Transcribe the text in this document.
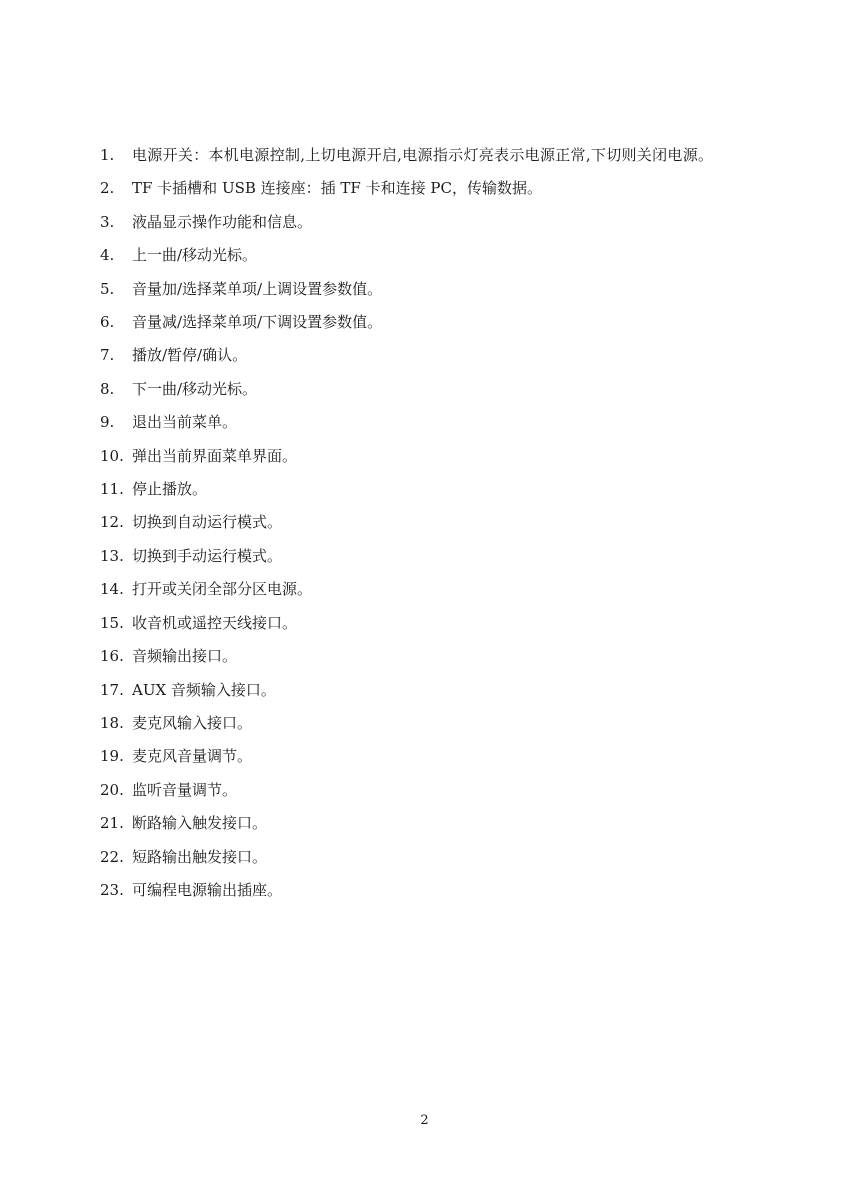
1.	电源开关：本机电源控制,上切电源开启,电源指示灯亮表示电源正常,下切则关闭电源。
2.	TF 卡插槽和 USB 连接座：插 TF 卡和连接 PC，传输数据。
3.	液晶显示操作功能和信息。
4.	上一曲/移动光标。
5.	音量加/选择菜单项/上调设置参数值。
6.	音量减/选择菜单项/下调设置参数值。
7.	播放/暂停/确认。
8.	下一曲/移动光标。
9.	退出当前菜单。
10. 弹出当前界面菜单界面。
11. 停止播放。
12. 切换到自动运行模式。
13. 切换到手动运行模式。
14. 打开或关闭全部分区电源。
15. 收音机或遥控天线接口。
16. 音频输出接口。
17. AUX 音频输入接口。
18. 麦克风输入接口。
19. 麦克风音量调节。
20. 监听音量调节。
21. 断路输入触发接口。
22. 短路输出触发接口。
23. 可编程电源输出插座。
2
